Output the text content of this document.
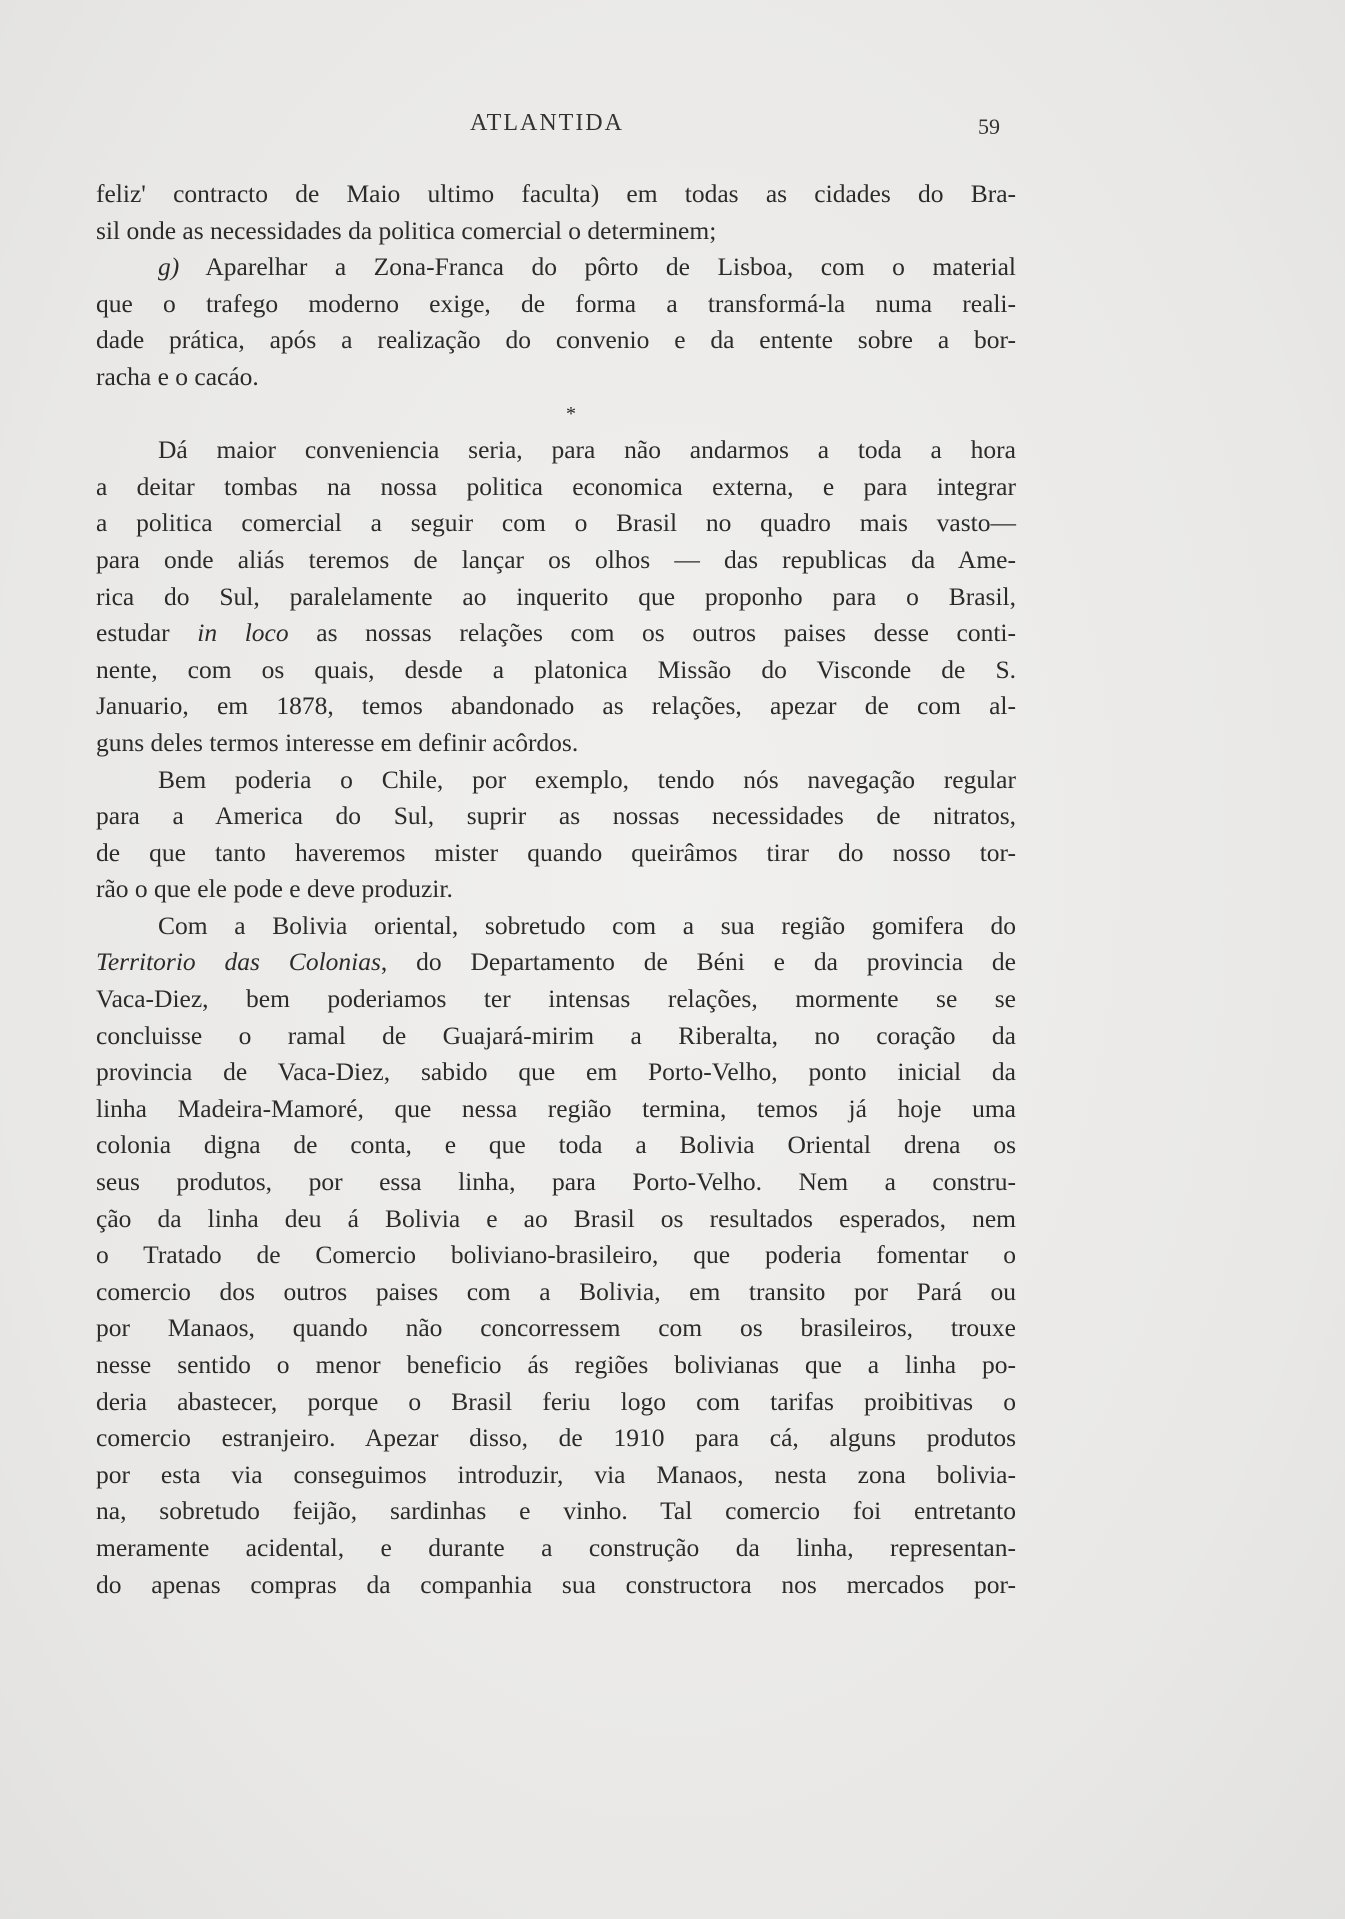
ATLANTIDA	59
feliz' contracto de Maio ultimo faculta) em todas as cidades do Bra-
sil onde as necessidades da politica comercial o determinem;
g) Aparelhar a Zona-Franca do pôrto de Lisboa, com o material
que o trafego moderno exige, de forma a transformá-la numa reali-
dade prática, após a realização do convenio e da entente sobre a bor-
racha e o cacáo.
*
Dá maior conveniencia seria, para não andarmos a toda a hora
a deitar tombas na nossa politica economica externa, e para integrar
a politica comercial a seguir com o Brasil no quadro mais vasto—
para onde aliás teremos de lançar os olhos — das republicas da Ame-
rica do Sul, paralelamente ao inquerito que proponho para o Brasil,
estudar in loco as nossas relações com os outros paises desse conti-
nente, com os quais, desde a platonica Missão do Visconde de S.
Januario, em 1878, temos abandonado as relações, apezar de com al-
guns deles termos interesse em definir acôrdos.
Bem poderia o Chile, por exemplo, tendo nós navegação regular
para a America do Sul, suprir as nossas necessidades de nitratos,
de que tanto haveremos mister quando queirâmos tirar do nosso tor-
rão o que ele pode e deve produzir.
Com a Bolivia oriental, sobretudo com a sua região gomifera do
Territorio das Colonias, do Departamento de Béni e da provincia de
Vaca-Diez, bem poderiamos ter intensas relações, mormente se se
concluisse o ramal de Guajará-mirim a Riberalta, no coração da
provincia de Vaca-Diez, sabido que em Porto-Velho, ponto inicial da
linha Madeira-Mamoré, que nessa região termina, temos já hoje uma
colonia digna de conta, e que toda a Bolivia Oriental drena os
seus produtos, por essa linha, para Porto-Velho. Nem a constru-
ção da linha deu á Bolivia e ao Brasil os resultados esperados, nem
o Tratado de Comercio boliviano-brasileiro, que poderia fomentar o
comercio dos outros paises com a Bolivia, em transito por Pará ou
por Manaos, quando não concorressem com os brasileiros, trouxe
nesse sentido o menor beneficio ás regiões bolivianas que a linha po-
deria abastecer, porque o Brasil feriu logo com tarifas proibitivas o
comercio estranjeiro. Apezar disso, de 1910 para cá, alguns produtos
por esta via conseguimos introduzir, via Manaos, nesta zona bolivia-
na, sobretudo feijão, sardinhas e vinho. Tal comercio foi entretanto
meramente acidental, e durante a construção da linha, representan-
do apenas compras da companhia sua constructora nos mercados por-
